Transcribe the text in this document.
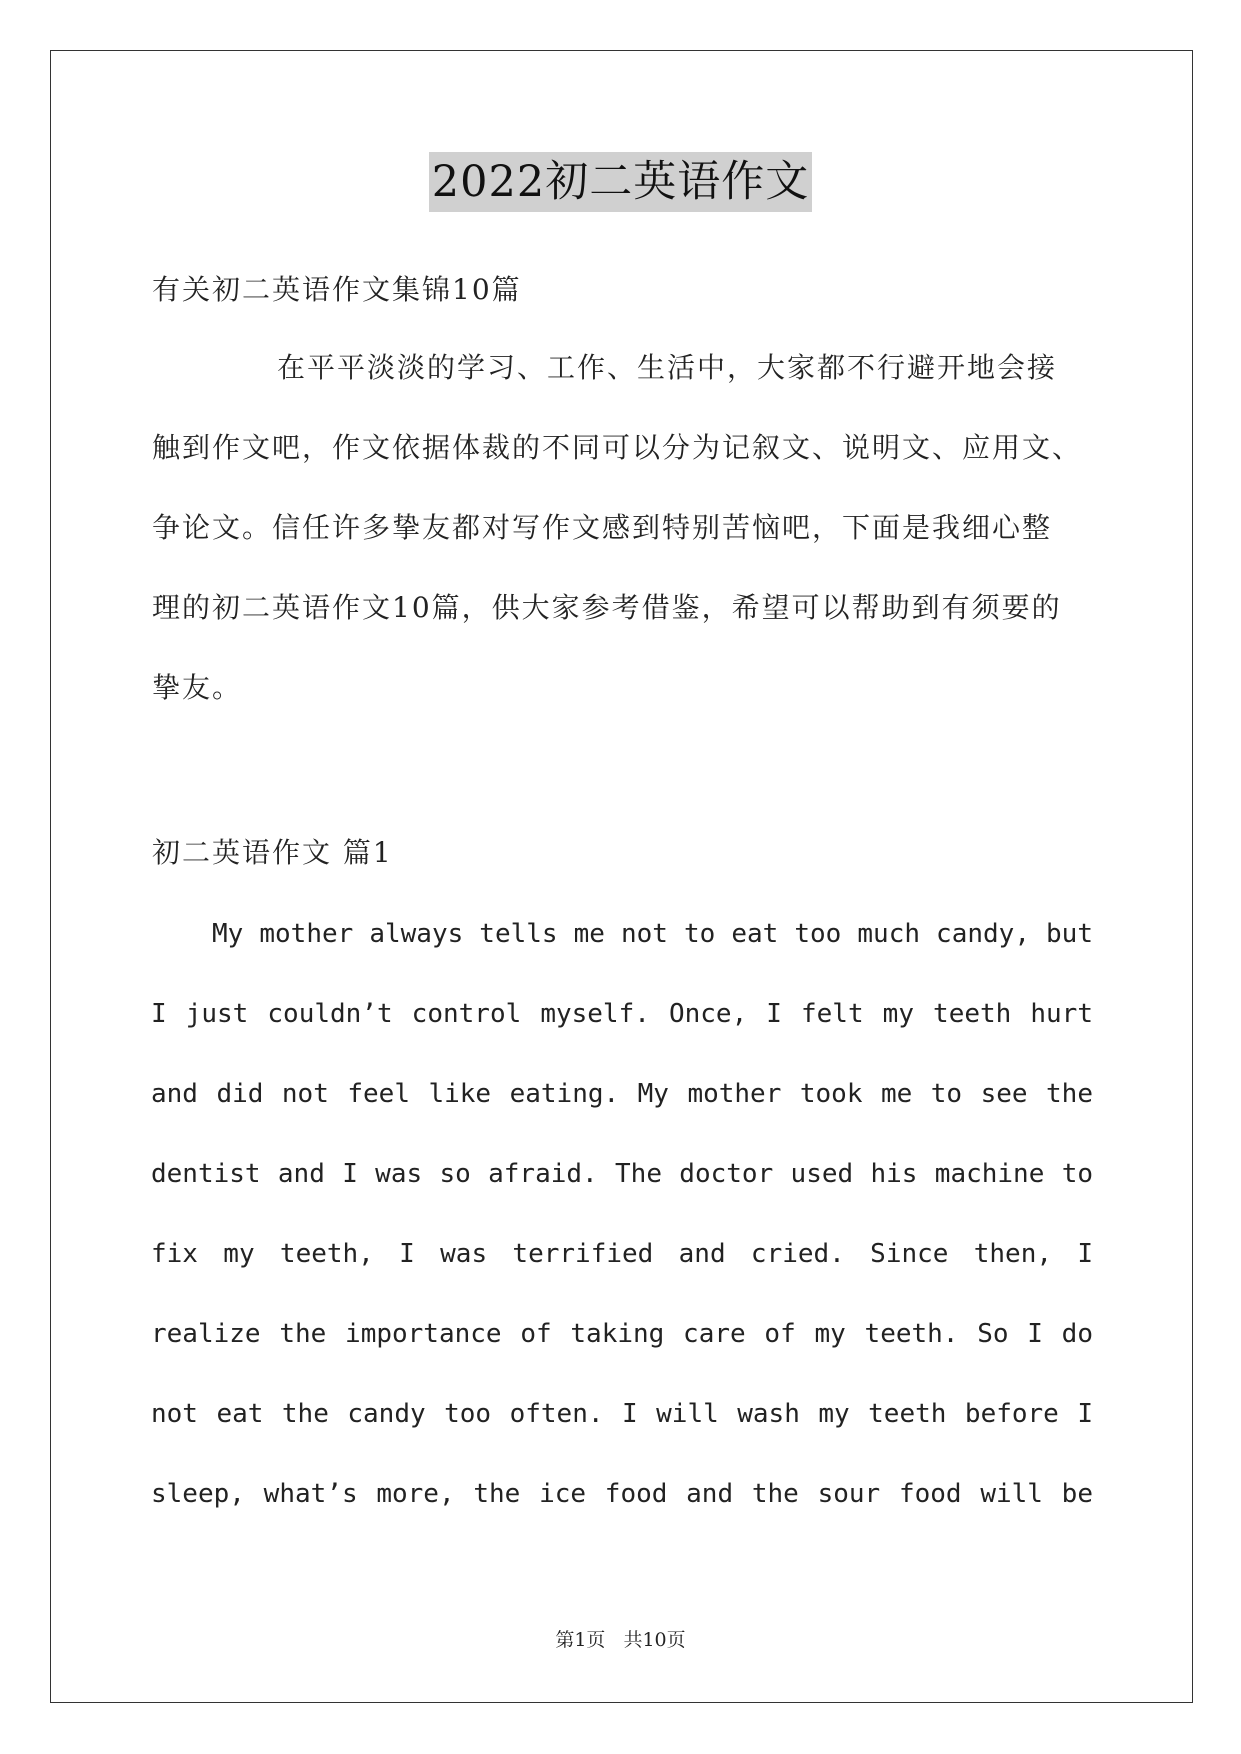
2022初二英语作文
有关初二英语作文集锦10篇
在平平淡淡的学习、工作、生活中，大家都不行避开地会接
触到作文吧，作文依据体裁的不同可以分为记叙文、说明文、应用文、
争论文。信任许多挚友都对写作文感到特别苦恼吧，下面是我细心整
理的初二英语作文10篇，供大家参考借鉴，希望可以帮助到有须要的
挚友。
初二英语作文 篇1
My mother always tells me not to eat too much candy, but
I just couldn’t control myself. Once, I felt my teeth hurt
and did not feel like eating. My mother took me to see the
dentist and I was so afraid. The doctor used his machine to
fix my teeth, I was terrified and cried. Since then, I
realize the importance of taking care of my teeth. So I do
not eat the candy too often. I will wash my teeth before I
sleep, what’s more, the ice food and the sour food will be
第1页 共10页
